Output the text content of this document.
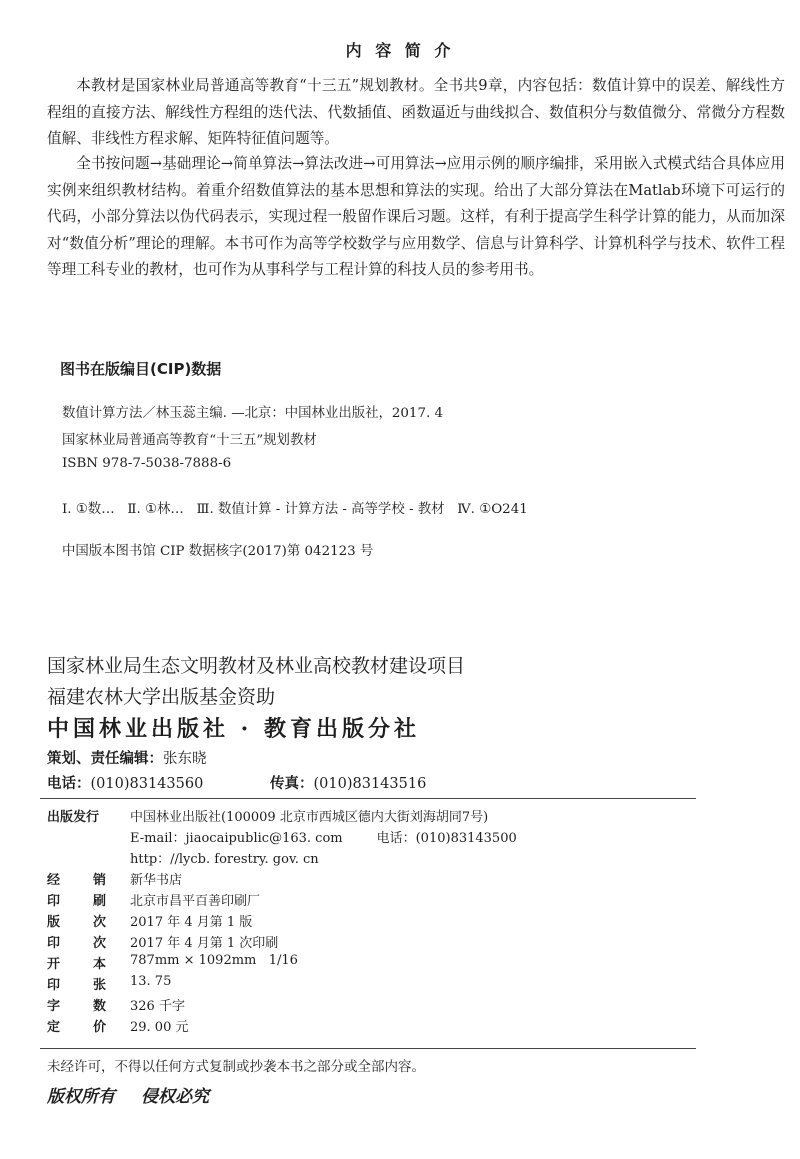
内 容 简 介

本教材是国家林业局普通高等教育“十三五”规划教材。全书共9章，内容包括：数值计算中的误差、解线性方程组的直接方法、解线性方程组的迭代法、代数插值、函数逼近与曲线拟合、数值积分与数值微分、常微分方程数值解、非线性方程求解、矩阵特征值问题等。

全书按问题→基础理论→简单算法→算法改进→可用算法→应用示例的顺序编排，采用嵌入式模式结合具体应用实例来组织教材结构。着重介绍数值算法的基本思想和算法的实现。给出了大部分算法在Matlab环境下可运行的代码，小部分算法以伪代码表示，实现过程一般留作课后习题。这样，有利于提高学生科学计算的能力，从而加深对“数值分析”理论的理解。本书可作为高等学校数学与应用数学、信息与计算科学、计算机科学与技术、软件工程等理工科专业的教材，也可作为从事科学与工程计算的科技人员的参考用书。

图书在版编目(CIP)数据
数值计算方法／林玉蕊主编. —北京：中国林业出版社，2017. 4
国家林业局普通高等教育“十三五”规划教材
ISBN 978-7-5038-7888-6
Ⅰ. ①数…   Ⅱ. ①林…   Ⅲ. 数值计算 - 计算方法 - 高等学校 - 教材   Ⅳ. ①O241
中国版本图书馆 CIP 数据核字(2017)第 042123 号
国家林业局生态文明教材及林业高校教材建设项目
福建农林大学出版基金资助
中国林业出版社 · 教育出版分社
策划、责任编辑：张东晓
电话：(010)83143560	传真：(010)83143516
出版发行 中国林业出版社(100009 北京市西城区德内大街刘海胡同7号)
E-mail：jiaocaipublic@163. com	电话：(010)83143500
http：//lycb. forestry. gov. cn
经	销 新华书店
印	刷 北京市昌平百善印刷厂
版	次 2017 年 4 月第 1 版
印	次 2017 年 4 月第 1 次印刷
开	本 787mm × 1092mm   1/16
印	张 13. 75
字	数 326 千字
定	价 29. 00 元
未经许可，不得以任何方式复制或抄袭本书之部分或全部内容。
版权所有 侵权必究
